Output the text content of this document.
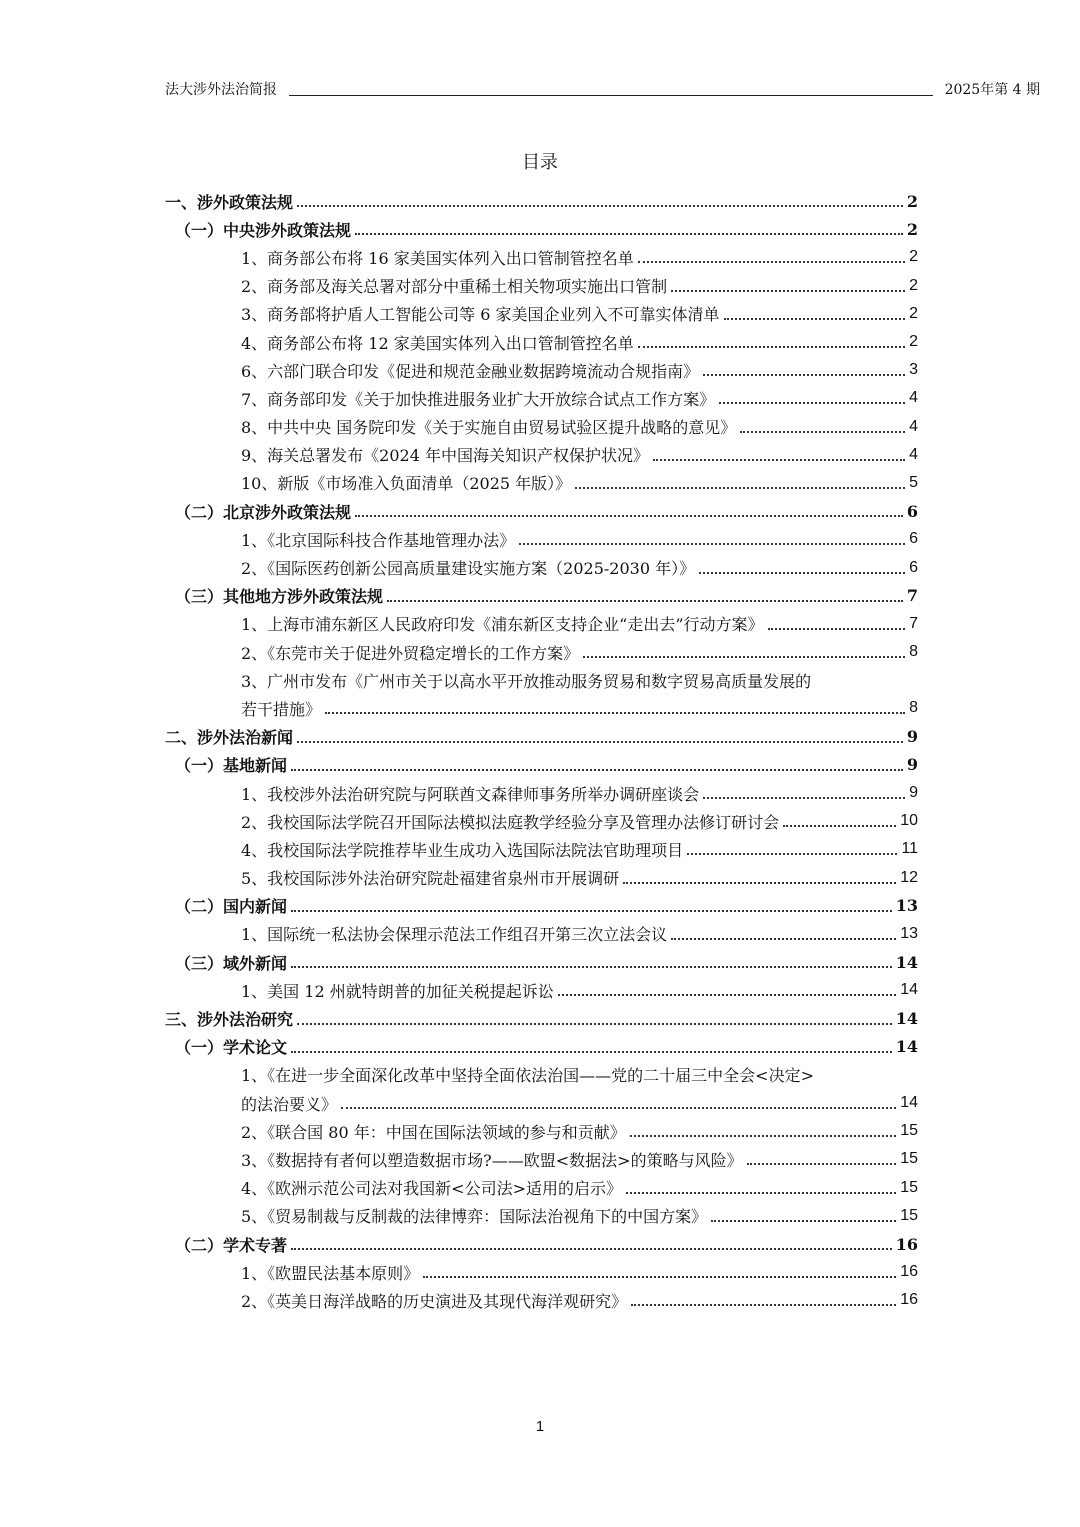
法大涉外法治简报	2025年第 4 期
目录
一、涉外政策法规	2
（一）中央涉外政策法规	2
1、商务部公布将 16 家美国实体列入出口管制管控名单	2
2、商务部及海关总署对部分中重稀土相关物项实施出口管制	2
3、商务部将护盾人工智能公司等 6 家美国企业列入不可靠实体清单	2
4、商务部公布将 12 家美国实体列入出口管制管控名单	2
6、六部门联合印发《促进和规范金融业数据跨境流动合规指南》	3
7、商务部印发《关于加快推进服务业扩大开放综合试点工作方案》	4
8、中共中央 国务院印发《关于实施自由贸易试验区提升战略的意见》	4
9、海关总署发布《2024 年中国海关知识产权保护状况》	4
10、新版《市场准入负面清单（2025 年版）》	5
（二）北京涉外政策法规	6
1、《北京国际科技合作基地管理办法》	6
2、《国际医药创新公园高质量建设实施方案（2025-2030 年）》	6
（三）其他地方涉外政策法规	7
1、上海市浦东新区人民政府印发《浦东新区支持企业“走出去”行动方案》	7
2、《东莞市关于促进外贸稳定增长的工作方案》	8
3、广州市发布《广州市关于以高水平开放推动服务贸易和数字贸易高质量发展的
若干措施》	8
二、涉外法治新闻	9
（一）基地新闻	9
1、我校涉外法治研究院与阿联酋文森律师事务所举办调研座谈会	9
2、我校国际法学院召开国际法模拟法庭教学经验分享及管理办法修订研讨会	10
4、我校国际法学院推荐毕业生成功入选国际法院法官助理项目	11
5、我校国际涉外法治研究院赴福建省泉州市开展调研	12
（二）国内新闻	13
1、国际统一私法协会保理示范法工作组召开第三次立法会议	13
（三）域外新闻	14
1、美国 12 州就特朗普的加征关税提起诉讼	14
三、涉外法治研究	14
（一）学术论文	14
1、《在进一步全面深化改革中坚持全面依法治国——党的二十届三中全会<决定>
的法治要义》	14
2、《联合国 80 年：中国在国际法领域的参与和贡献》	15
3、《数据持有者何以塑造数据市场?——欧盟<数据法>的策略与风险》	15
4、《欧洲示范公司法对我国新<公司法>适用的启示》	15
5、《贸易制裁与反制裁的法律博弈：国际法治视角下的中国方案》	15
（二）学术专著	16
1、《欧盟民法基本原则》	16
2、《英美日海洋战略的历史演进及其现代海洋观研究》	16
1
